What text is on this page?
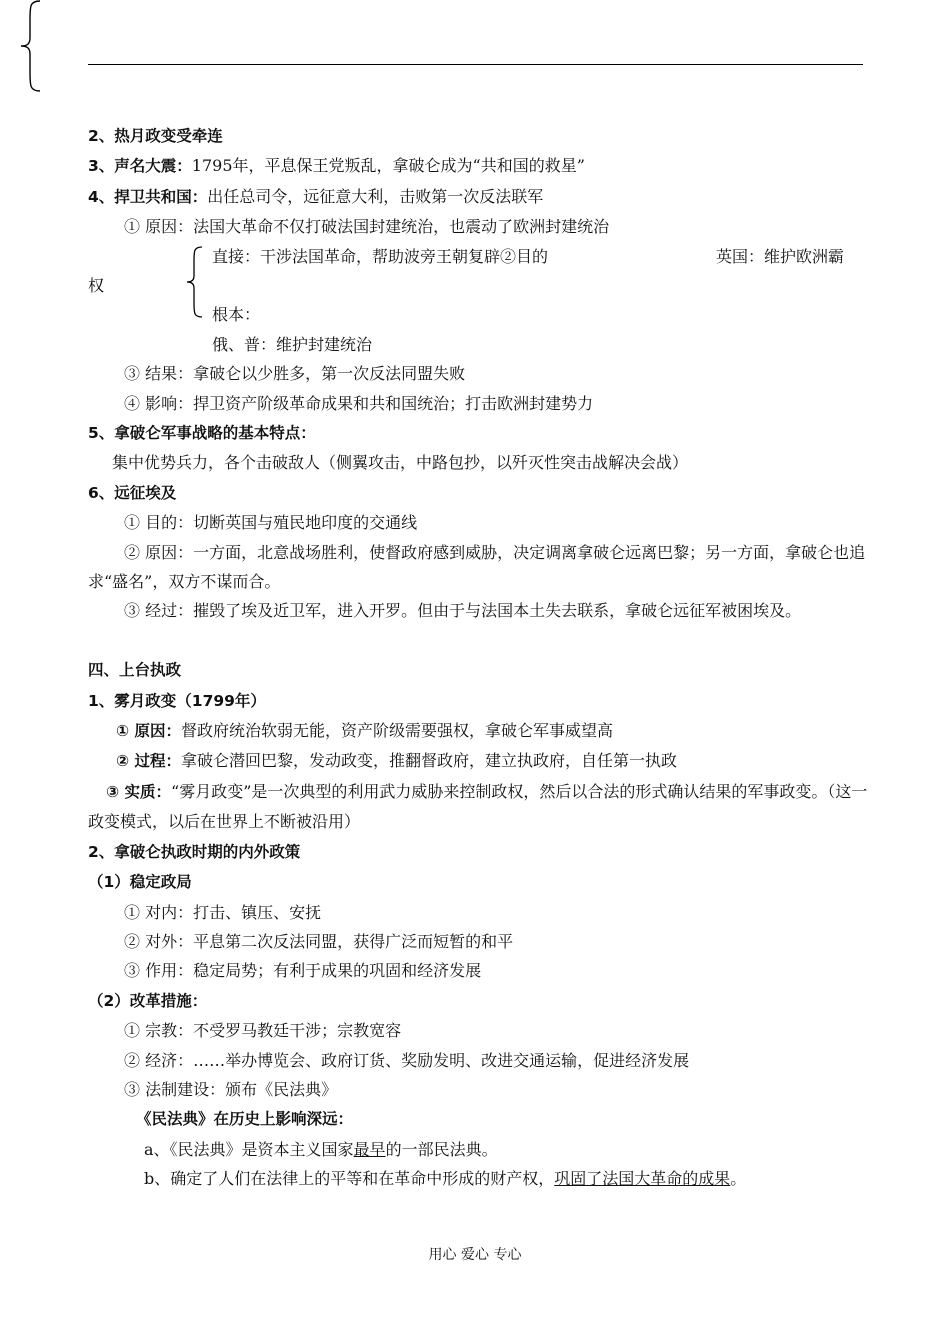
2、热月政变受牵连
3、声名大震：1795年，平息保王党叛乱，拿破仑成为“共和国的救星”
4、捍卫共和国：出任总司令，远征意大利，击败第一次反法联军
① 原因：法国大革命不仅打破法国封建统治，也震动了欧洲封建统治
直接：干涉法国革命，帮助波旁王朝复辟②目的	英国：维护欧洲霸
权
根本：
俄、普：维护封建统治
③ 结果：拿破仑以少胜多，第一次反法同盟失败
④ 影响：捍卫资产阶级革命成果和共和国统治；打击欧洲封建势力
5、拿破仑军事战略的基本特点：
集中优势兵力，各个击破敌人（侧翼攻击，中路包抄，以歼灭性突击战解决会战）
6、远征埃及
① 目的：切断英国与殖民地印度的交通线
② 原因：一方面，北意战场胜利，使督政府感到威胁，决定调离拿破仑远离巴黎；另一方面，拿破仑也追求“盛名”，双方不谋而合。
③ 经过：摧毁了埃及近卫军，进入开罗。但由于与法国本土失去联系，拿破仑远征军被困埃及。
四、上台执政
1、雾月政变（1799年）
① 原因：督政府统治软弱无能，资产阶级需要强权，拿破仑军事威望高
② 过程：拿破仑潜回巴黎，发动政变，推翻督政府，建立执政府，自任第一执政
③ 实质：“雾月政变”是一次典型的利用武力威胁来控制政权，然后以合法的形式确认结果的军事政变。（这一政变模式，以后在世界上不断被沿用）
2、拿破仑执政时期的内外政策
（1）稳定政局
① 对内：打击、镇压、安抚
② 对外：平息第二次反法同盟，获得广泛而短暂的和平
③ 作用：稳定局势；有利于成果的巩固和经济发展
（2）改革措施：
① 宗教：不受罗马教廷干涉；宗教宽容
② 经济：……举办博览会、政府订货、奖励发明、改进交通运输，促进经济发展
③ 法制建设：颁布《民法典》
《民法典》在历史上影响深远：
a、《民法典》是资本主义国家最早的一部民法典。
b、确定了人们在法律上的平等和在革命中形成的财产权，巩固了法国大革命的成果。
用心 爱心 专心
